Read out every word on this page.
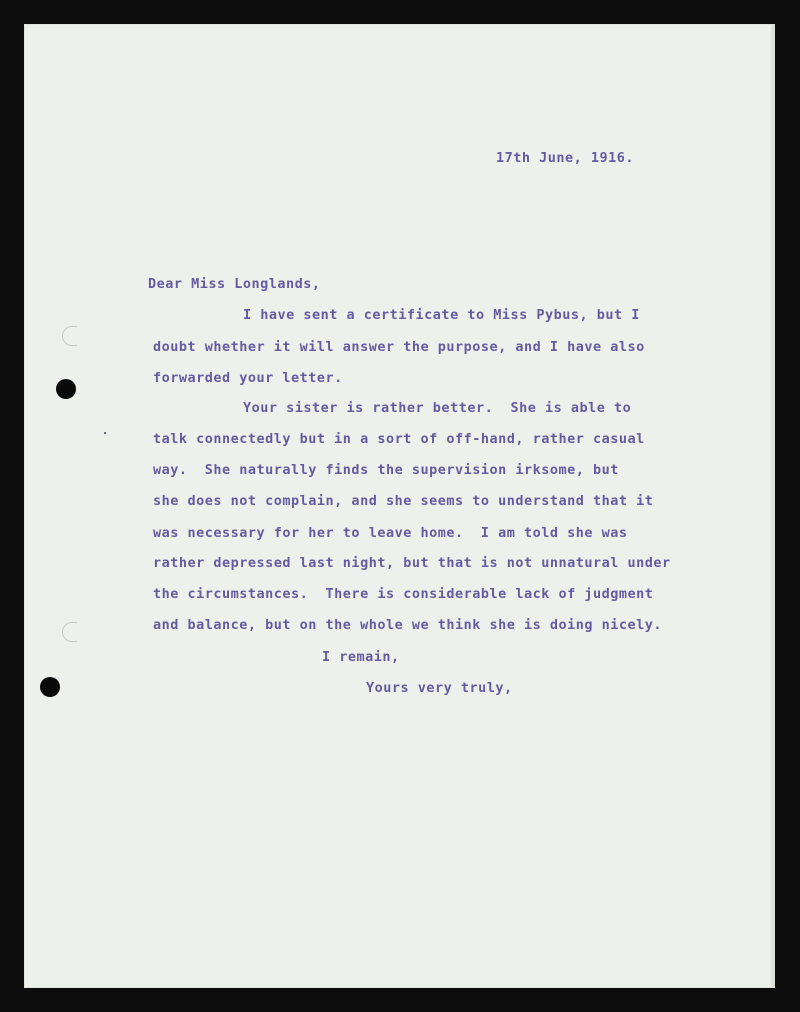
17th June, 1916.
Dear Miss Longlands,
I have sent a certificate to Miss Pybus, but I
doubt whether it will answer the purpose, and I have also
forwarded your letter.
Your sister is rather better.  She is able to
talk connectedly but in a sort of off-hand, rather casual
way.  She naturally finds the supervision irksome, but
she does not complain, and she seems to understand that it
was necessary for her to leave home.  I am told she was
rather depressed last night, but that is not unnatural under
the circumstances.  There is considerable lack of judgment
and balance, but on the whole we think she is doing nicely.
I remain,
Yours very truly,
